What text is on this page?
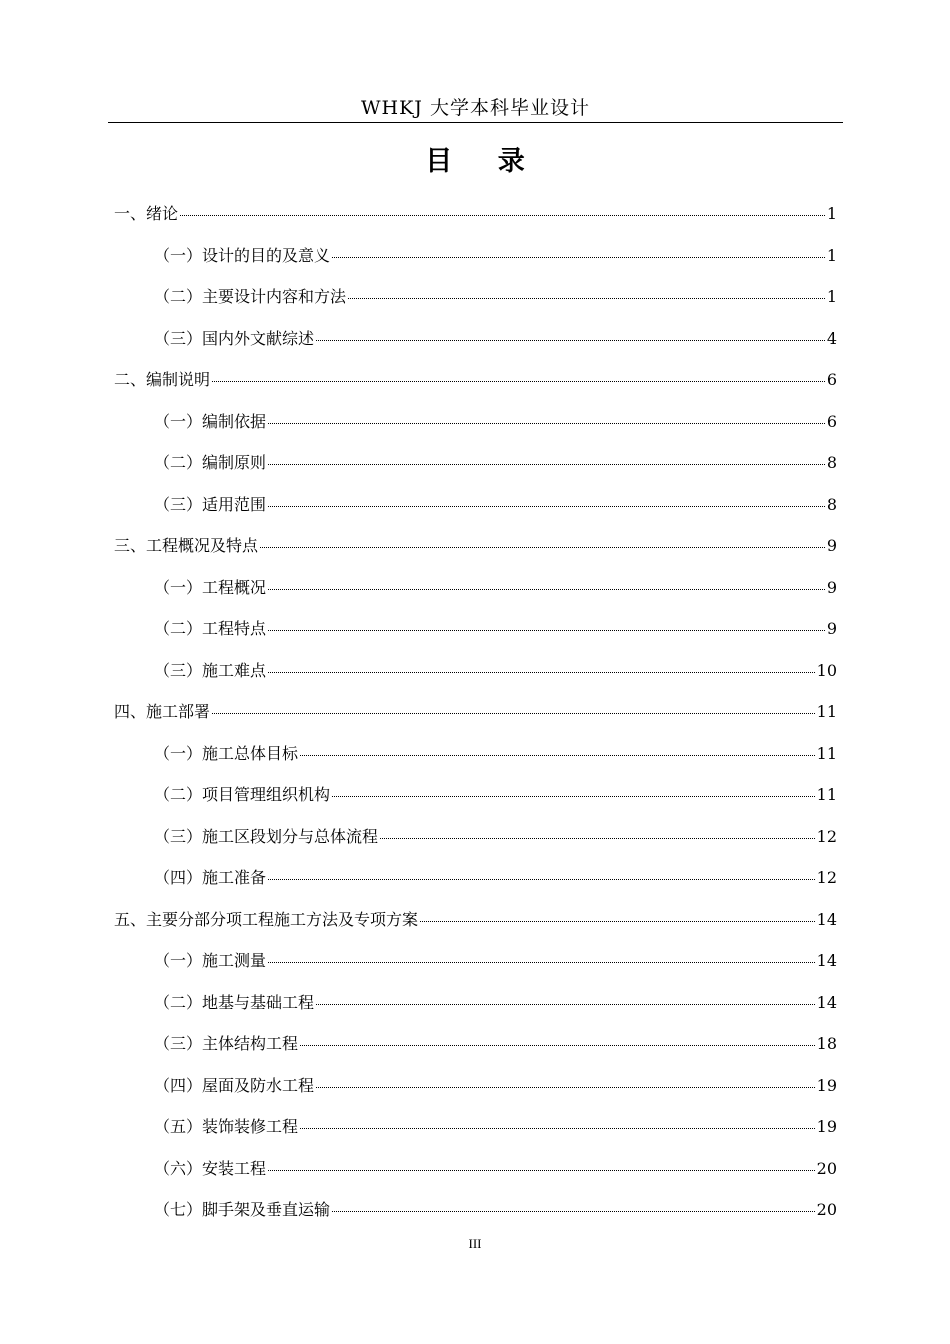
WHKJ 大学本科毕业设计
目 录
一、绪论	1
（一）设计的目的及意义	1
（二）主要设计内容和方法	1
（三）国内外文献综述	4
二、编制说明	6
（一）编制依据	6
（二）编制原则	8
（三）适用范围	8
三、工程概况及特点	9
（一）工程概况	9
（二）工程特点	9
（三）施工难点	10
四、施工部署	11
（一）施工总体目标	11
（二）项目管理组织机构	11
（三）施工区段划分与总体流程	12
（四）施工准备	12
五、主要分部分项工程施工方法及专项方案	14
（一）施工测量	14
（二）地基与基础工程	14
（三）主体结构工程	18
（四）屋面及防水工程	19
（五）装饰装修工程	19
（六）安装工程	20
（七）脚手架及垂直运输	20
III
